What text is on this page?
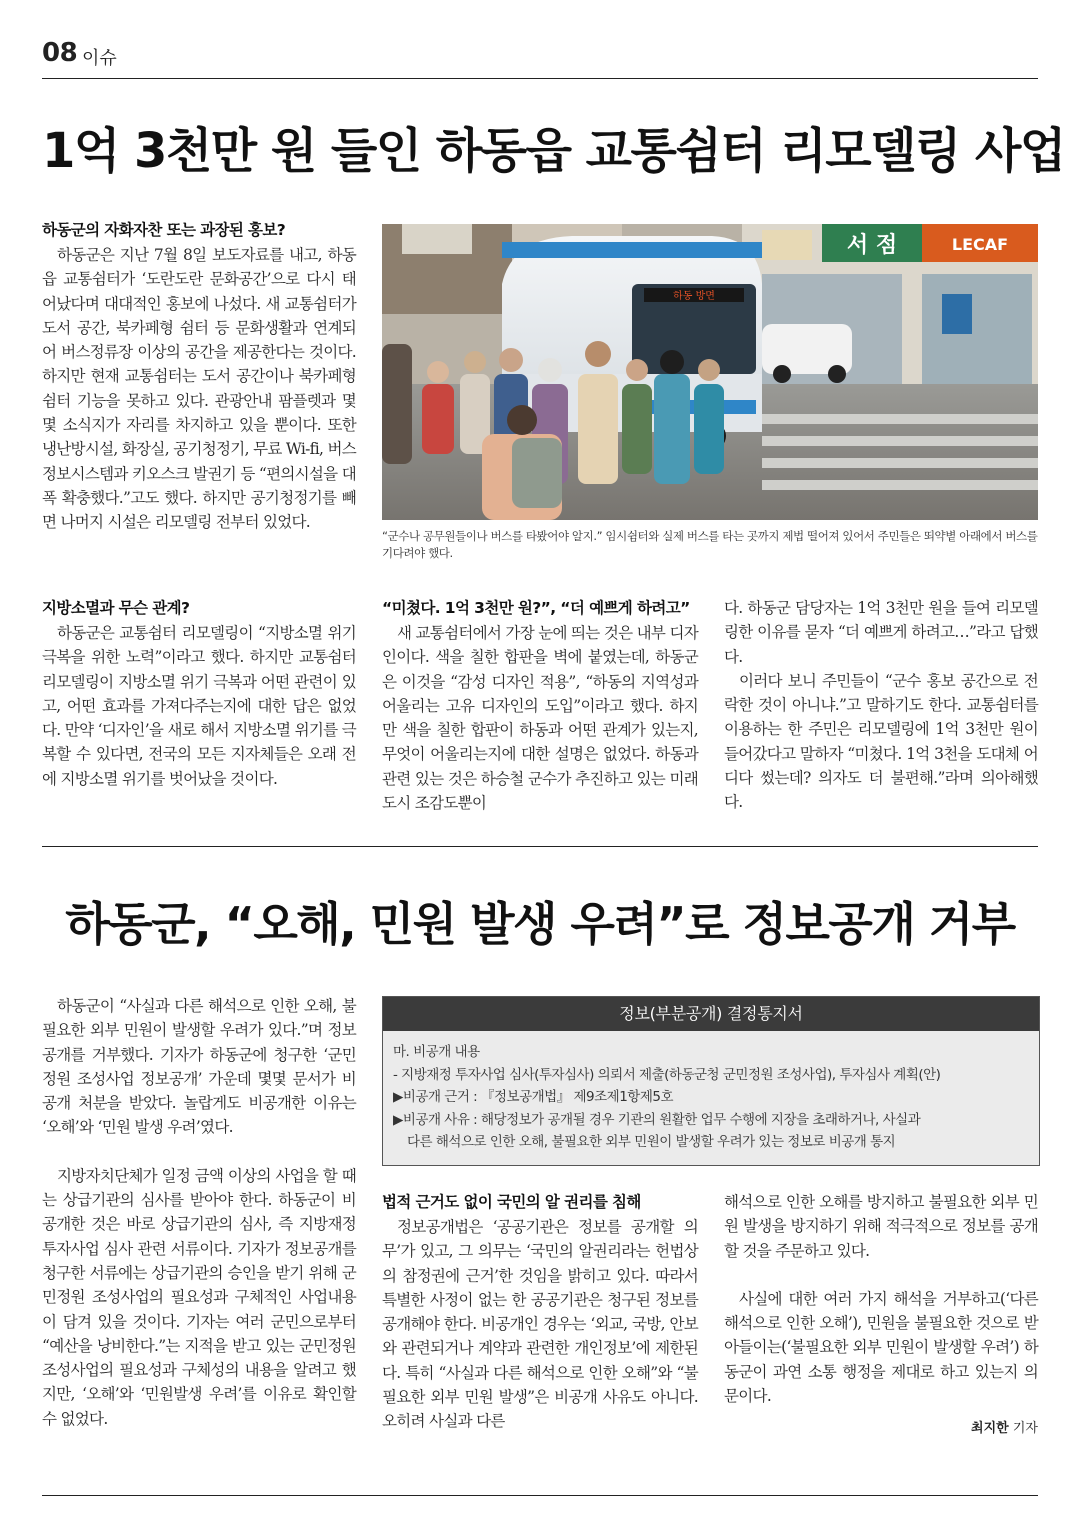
08 이슈
1억 3천만 원 들인 하동읍 교통쉼터 리모델링 사업
하동군의 자화자찬 또는 과장된 홍보?

하동군은 지난 7월 8일 보도자료를 내고, 하동읍 교통쉼터가 ‘도란도란 문화공간’으로 다시 태어났다며 대대적인 홍보에 나섰다. 새 교통쉼터가 도서 공간, 북카페형 쉼터 등 문화생활과 연계되어 버스정류장 이상의 공간을 제공한다는 것이다. 하지만 현재 교통쉼터는 도서 공간이나 북카페형 쉼터 기능을 못하고 있다. 관광안내 팜플렛과 몇몇 소식지가 자리를 차지하고 있을 뿐이다. 또한 냉난방시설, 화장실, 공기청정기, 무료 Wi-fi, 버스정보시스템과 키오스크 발권기 등 “편의시설을 대폭 확충했다.”고도 했다. 하지만 공기청정기를 빼면 나머지 시설은 리모델링 전부터 있었다.

지방소멸과 무슨 관계?

하동군은 교통쉼터 리모델링이 “지방소멸 위기 극복을 위한 노력”이라고 했다. 하지만 교통쉼터 리모델링이 지방소멸 위기 극복과 어떤 관련이 있고, 어떤 효과를 가져다주는지에 대한 답은 없었다. 만약 ‘디자인’을 새로 해서 지방소멸 위기를 극복할 수 있다면, 전국의 모든 지자체들은 오래 전에 지방소멸 위기를 벗어났을 것이다.

서 점	LECAF
하동 방면
“군수나 공무원들이나 버스를 타봤어야 알지.” 임시쉼터와 실제 버스를 타는 곳까지 제법 떨어져 있어서 주민들은 뙤약볕 아래에서 버스를 기다려야 했다.
“미쳤다. 1억 3천만 원?”, “더 예쁘게 하려고”

새 교통쉼터에서 가장 눈에 띄는 것은 내부 디자인이다. 색을 칠한 합판을 벽에 붙였는데, 하동군은 이것을 “감성 디자인 적용”, “하동의 지역성과 어울리는 고유 디자인의 도입”이라고 했다. 하지만 색을 칠한 합판이 하동과 어떤 관계가 있는지, 무엇이 어울리는지에 대한 설명은 없었다. 하동과 관련 있는 것은 하승철 군수가 추진하고 있는 미래도시 조감도뿐이

다. 하동군 담당자는 1억 3천만 원을 들여 리모델링한 이유를 묻자 “더 예쁘게 하려고…”라고 답했다.

이러다 보니 주민들이 “군수 홍보 공간으로 전락한 것이 아니냐.”고 말하기도 한다. 교통쉼터를 이용하는 한 주민은 리모델링에 1억 3천만 원이 들어갔다고 말하자 “미쳤다. 1억 3천을 도대체 어디다 썼는데? 의자도 더 불편해.”라며 의아해했다.

하동군, “오해, 민원 발생 우려”로 정보공개 거부

하동군이 “사실과 다른 해석으로 인한 오해, 불필요한 외부 민원이 발생할 우려가 있다.”며 정보공개를 거부했다. 기자가 하동군에 청구한 ‘군민정원 조성사업 정보공개’ 가운데 몇몇 문서가 비공개 처분을 받았다. 놀랍게도 비공개한 이유는 ‘오해’와 ‘민원 발생 우려’였다.

지방자치단체가 일정 금액 이상의 사업을 할 때는 상급기관의 심사를 받아야 한다. 하동군이 비공개한 것은 바로 상급기관의 심사, 즉 지방재정 투자사업 심사 관련 서류이다. 기자가 정보공개를 청구한 서류에는 상급기관의 승인을 받기 위해 군민정원 조성사업의 필요성과 구체적인 사업내용이 담겨 있을 것이다. 기자는 여러 군민으로부터 “예산을 낭비한다.”는 지적을 받고 있는 군민정원 조성사업의 필요성과 구체성의 내용을 알려고 했지만, ‘오해’와 ‘민원발생 우려’를 이유로 확인할 수 없었다.

정보(부분공개) 결정통지서
마. 비공개 내용
- 지방재정 투자사업 심사(투자심사) 의뢰서 제출(하동군청 군민정원 조성사업), 투자심사 계획(안)
▶비공개 근거 : 『정보공개법』 제9조제1항제5호
▶비공개 사유 : 해당정보가 공개될 경우 기관의 원활한 업무 수행에 지장을 초래하거나, 사실과
다른 해석으로 인한 오해, 불필요한 외부 민원이 발생할 우려가 있는 정보로 비공개 통지
법적 근거도 없이 국민의 알 권리를 침해

정보공개법은 ‘공공기관은 정보를 공개할 의무’가 있고, 그 의무는 ‘국민의 알권리라는 헌법상의 참정권에 근거’한 것임을 밝히고 있다. 따라서 특별한 사정이 없는 한 공공기관은 청구된 정보를 공개해야 한다. 비공개인 경우는 ‘외교, 국방, 안보와 관련되거나 계약과 관련한 개인정보’에 제한된다. 특히 “사실과 다른 해석으로 인한 오해”와 “불필요한 외부 민원 발생”은 비공개 사유도 아니다. 오히려 사실과 다른

해석으로 인한 오해를 방지하고 불필요한 외부 민원 발생을 방지하기 위해 적극적으로 정보를 공개할 것을 주문하고 있다.

사실에 대한 여러 가지 해석을 거부하고(‘다른 해석으로 인한 오해’), 민원을 불필요한 것으로 받아들이는(‘불필요한 외부 민원이 발생할 우려’) 하동군이 과연 소통 행정을 제대로 하고 있는지 의문이다.

최지한 기자
